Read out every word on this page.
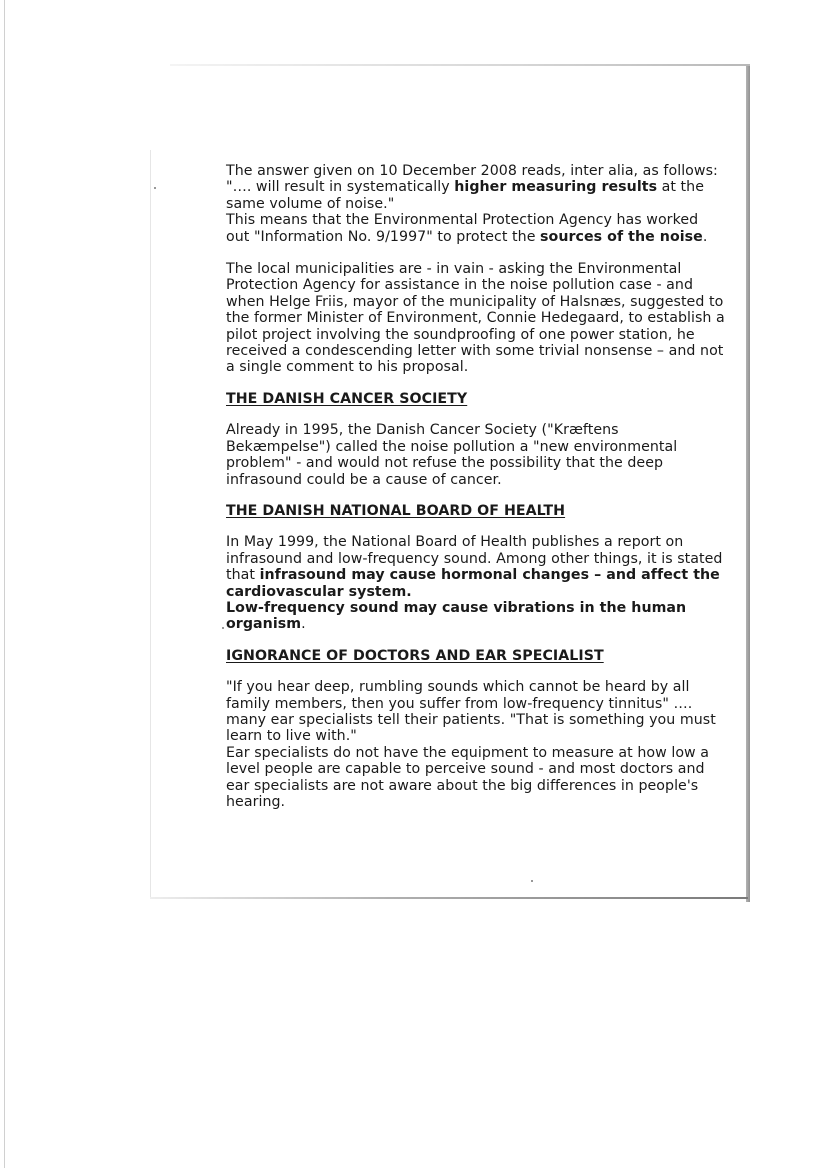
The answer given on 10 December 2008 reads, inter alia, as follows:
"…. will result in systematically higher measuring results at the same volume of noise."
This means that the Environmental Protection Agency has worked out "Information No. 9/1997" to protect the sources of the noise.

The local municipalities are - in vain - asking the Environmental Protection Agency for assistance in the noise pollution case - and when Helge Friis, mayor of the municipality of Halsnæs, suggested to the former Minister of Environment, Connie Hedegaard, to establish a pilot project involving the soundproofing of one power station, he received a condescending letter with some trivial nonsense – and not a single comment to his proposal.

THE DANISH CANCER SOCIETY

Already in 1995, the Danish Cancer Society ("Kræftens Bekæmpelse") called the noise pollution a "new environmental problem" - and would not refuse the possibility that the deep infrasound could be a cause of cancer.

THE DANISH NATIONAL BOARD OF HEALTH

In May 1999, the National Board of Health publishes a report on infrasound and low-frequency sound. Among other things, it is stated that infrasound may cause hormonal changes – and affect the cardiovascular system.
Low-frequency sound may cause vibrations in the human organism.

IGNORANCE OF DOCTORS AND EAR SPECIALIST

"If you hear deep, rumbling sounds which cannot be heard by all family members, then you suffer from low-frequency tinnitus" …. many ear specialists tell their patients. "That is something you must learn to live with."
Ear specialists do not have the equipment to measure at how low a level people are capable to perceive sound - and most doctors and ear specialists are not aware about the big differences in people's hearing.
